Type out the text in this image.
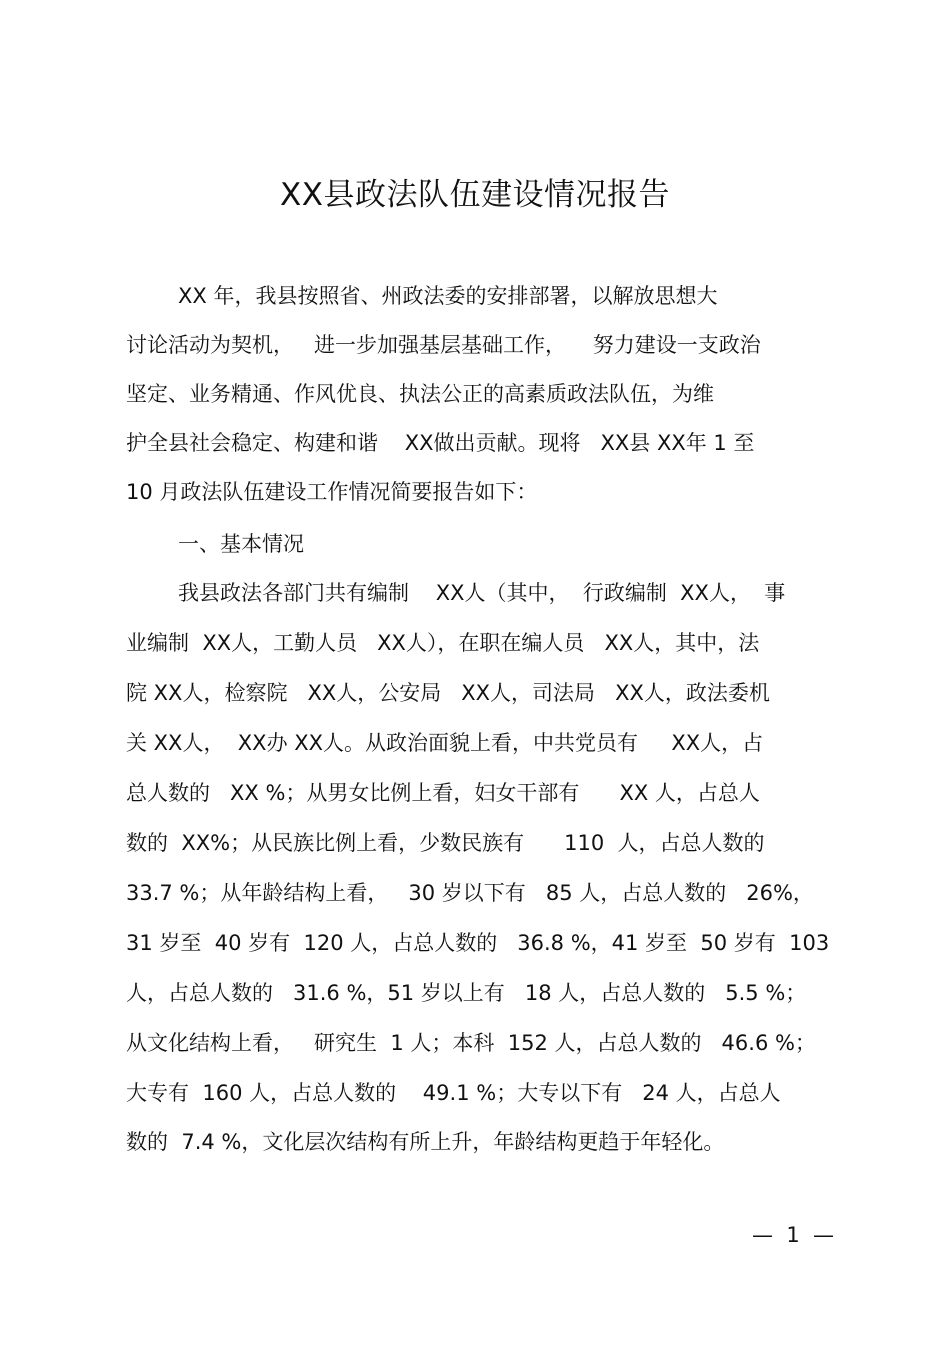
XX县政法队伍建设情况报告

XX 年，我县按照省、州政法委的安排部署，以解放思想大

讨论活动为契机，   进一步加强基层基础工作，    努力建设一支政治

坚定、业务精通、作风优良、执法公正的高素质政法队伍，为维

护全县社会稳定、构建和谐    XX做出贡献。现将   XX县 XX年 1 至

10 月政法队伍建设工作情况简要报告如下：

一、基本情况

我县政法各部门共有编制    XX人（其中，  行政编制  XX人，  事

业编制  XX人，工勤人员   XX人），在职在编人员   XX人，其中，法

院 XX人，检察院   XX人，公安局   XX人，司法局   XX人，政法委机

关 XX人，  XX办 XX人。从政治面貌上看，中共党员有     XX人，占

总人数的   XX %；从男女比例上看，妇女干部有      XX 人，占总人

数的  XX%；从民族比例上看，少数民族有      110  人，占总人数的

33.7 %；从年龄结构上看，   30 岁以下有   85 人，占总人数的   26%，

31 岁至  40 岁有  120 人，占总人数的   36.8 %，41 岁至  50 岁有  103

人，占总人数的   31.6 %，51 岁以上有   18 人，占总人数的   5.5 %；

从文化结构上看，   研究生  1 人；本科  152 人，占总人数的   46.6 %；

大专有  160 人，占总人数的    49.1 %；大专以下有   24 人，占总人

数的  7.4 %，文化层次结构有所上升，年龄结构更趋于年轻化。

—  1  —
